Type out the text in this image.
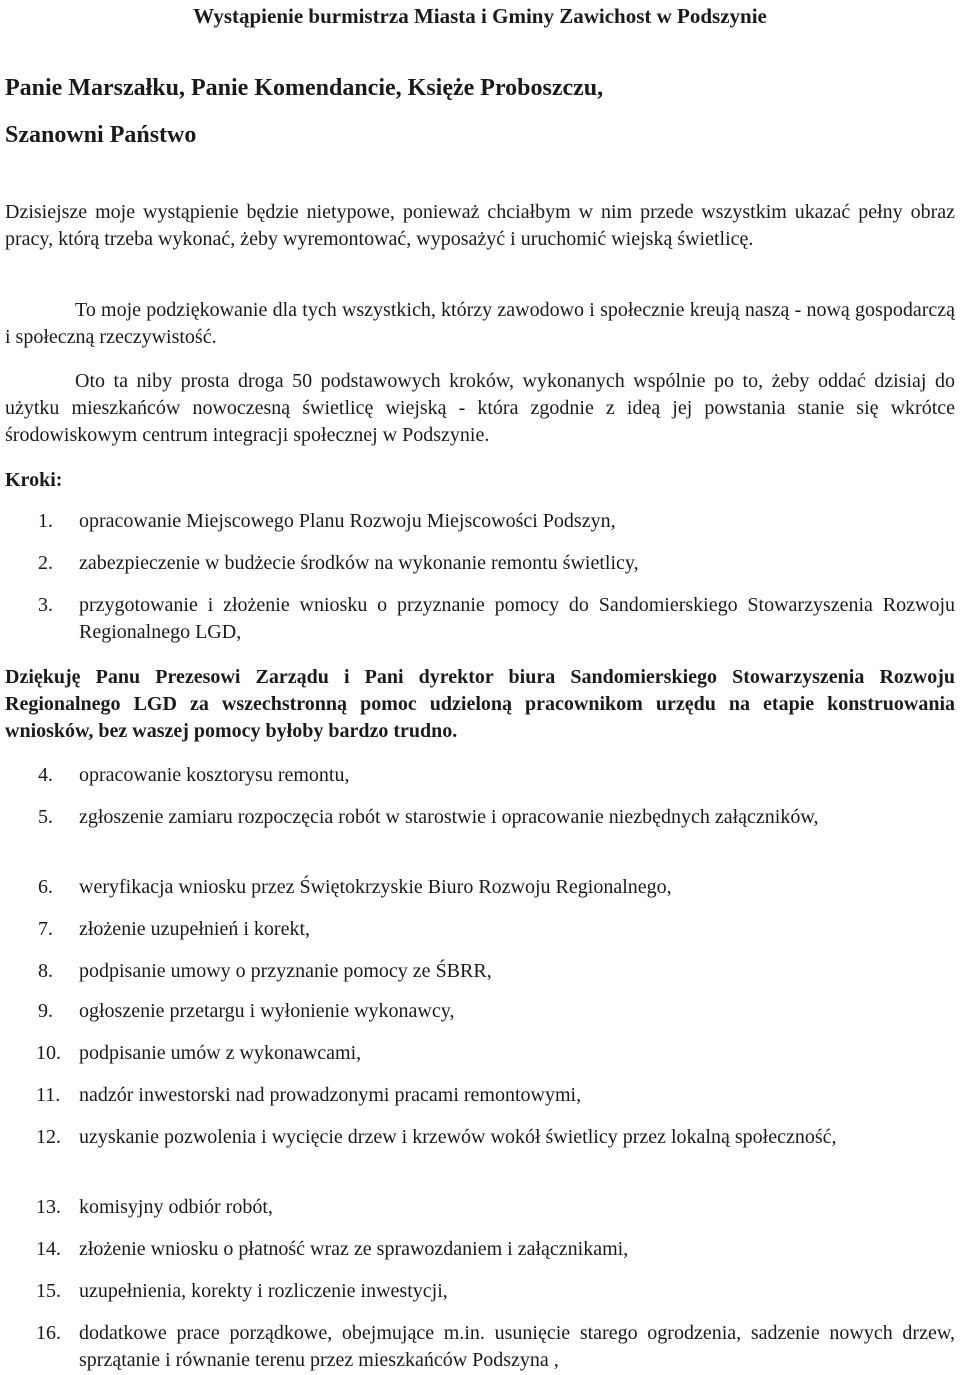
Wystąpienie burmistrza Miasta i Gminy Zawichost w Podszynie
Panie Marszałku, Panie Komendancie, Księże Proboszczu,
Szanowni Państwo
Dzisiejsze moje wystąpienie będzie nietypowe, ponieważ chciałbym w nim przede wszystkim ukazać pełny obraz pracy, którą trzeba wykonać, żeby wyremontować, wyposażyć i uruchomić wiejską świetlicę.
To moje podziękowanie dla tych wszystkich, którzy zawodowo i społecznie kreują naszą - nową gospodarczą i społeczną rzeczywistość.
Oto ta niby prosta droga 50 podstawowych kroków, wykonanych wspólnie po to, żeby oddać dzisiaj do użytku mieszkańców nowoczesną świetlicę wiejską - która zgodnie z ideą jej powstania stanie się wkrótce środowiskowym centrum integracji społecznej w Podszynie.
Kroki:
1.	opracowanie Miejscowego Planu Rozwoju Miejscowości Podszyn,
2.	zabezpieczenie w budżecie środków na wykonanie remontu świetlicy,
3.	przygotowanie i złożenie wniosku o przyznanie pomocy do Sandomierskiego Stowarzyszenia Rozwoju Regionalnego LGD,
Dziękuję Panu Prezesowi Zarządu i Pani dyrektor biura Sandomierskiego Stowarzyszenia Rozwoju Regionalnego LGD za wszechstronną pomoc udzieloną pracownikom urzędu na etapie konstruowania wniosków, bez waszej pomocy byłoby bardzo trudno.
4.	opracowanie kosztorysu remontu,
5.	zgłoszenie zamiaru rozpoczęcia robót w starostwie i opracowanie niezbędnych załączników,
6.	weryfikacja wniosku przez Świętokrzyskie Biuro Rozwoju Regionalnego,
7.	złożenie uzupełnień i korekt,
8.	podpisanie umowy o przyznanie pomocy ze ŚBRR,
9.	ogłoszenie przetargu i wyłonienie wykonawcy,
10. podpisanie umów z wykonawcami,
11. nadzór inwestorski nad prowadzonymi pracami remontowymi,
12. uzyskanie pozwolenia i wycięcie drzew i krzewów wokół świetlicy przez lokalną społeczność,
13. komisyjny odbiór robót,
14. złożenie wniosku o płatność wraz ze sprawozdaniem i załącznikami,
15. uzupełnienia, korekty i rozliczenie inwestycji,
16. dodatkowe prace porządkowe, obejmujące m.in. usunięcie starego ogrodzenia, sadzenie nowych drzew, sprzątanie i równanie terenu przez mieszkańców Podszyna ,
